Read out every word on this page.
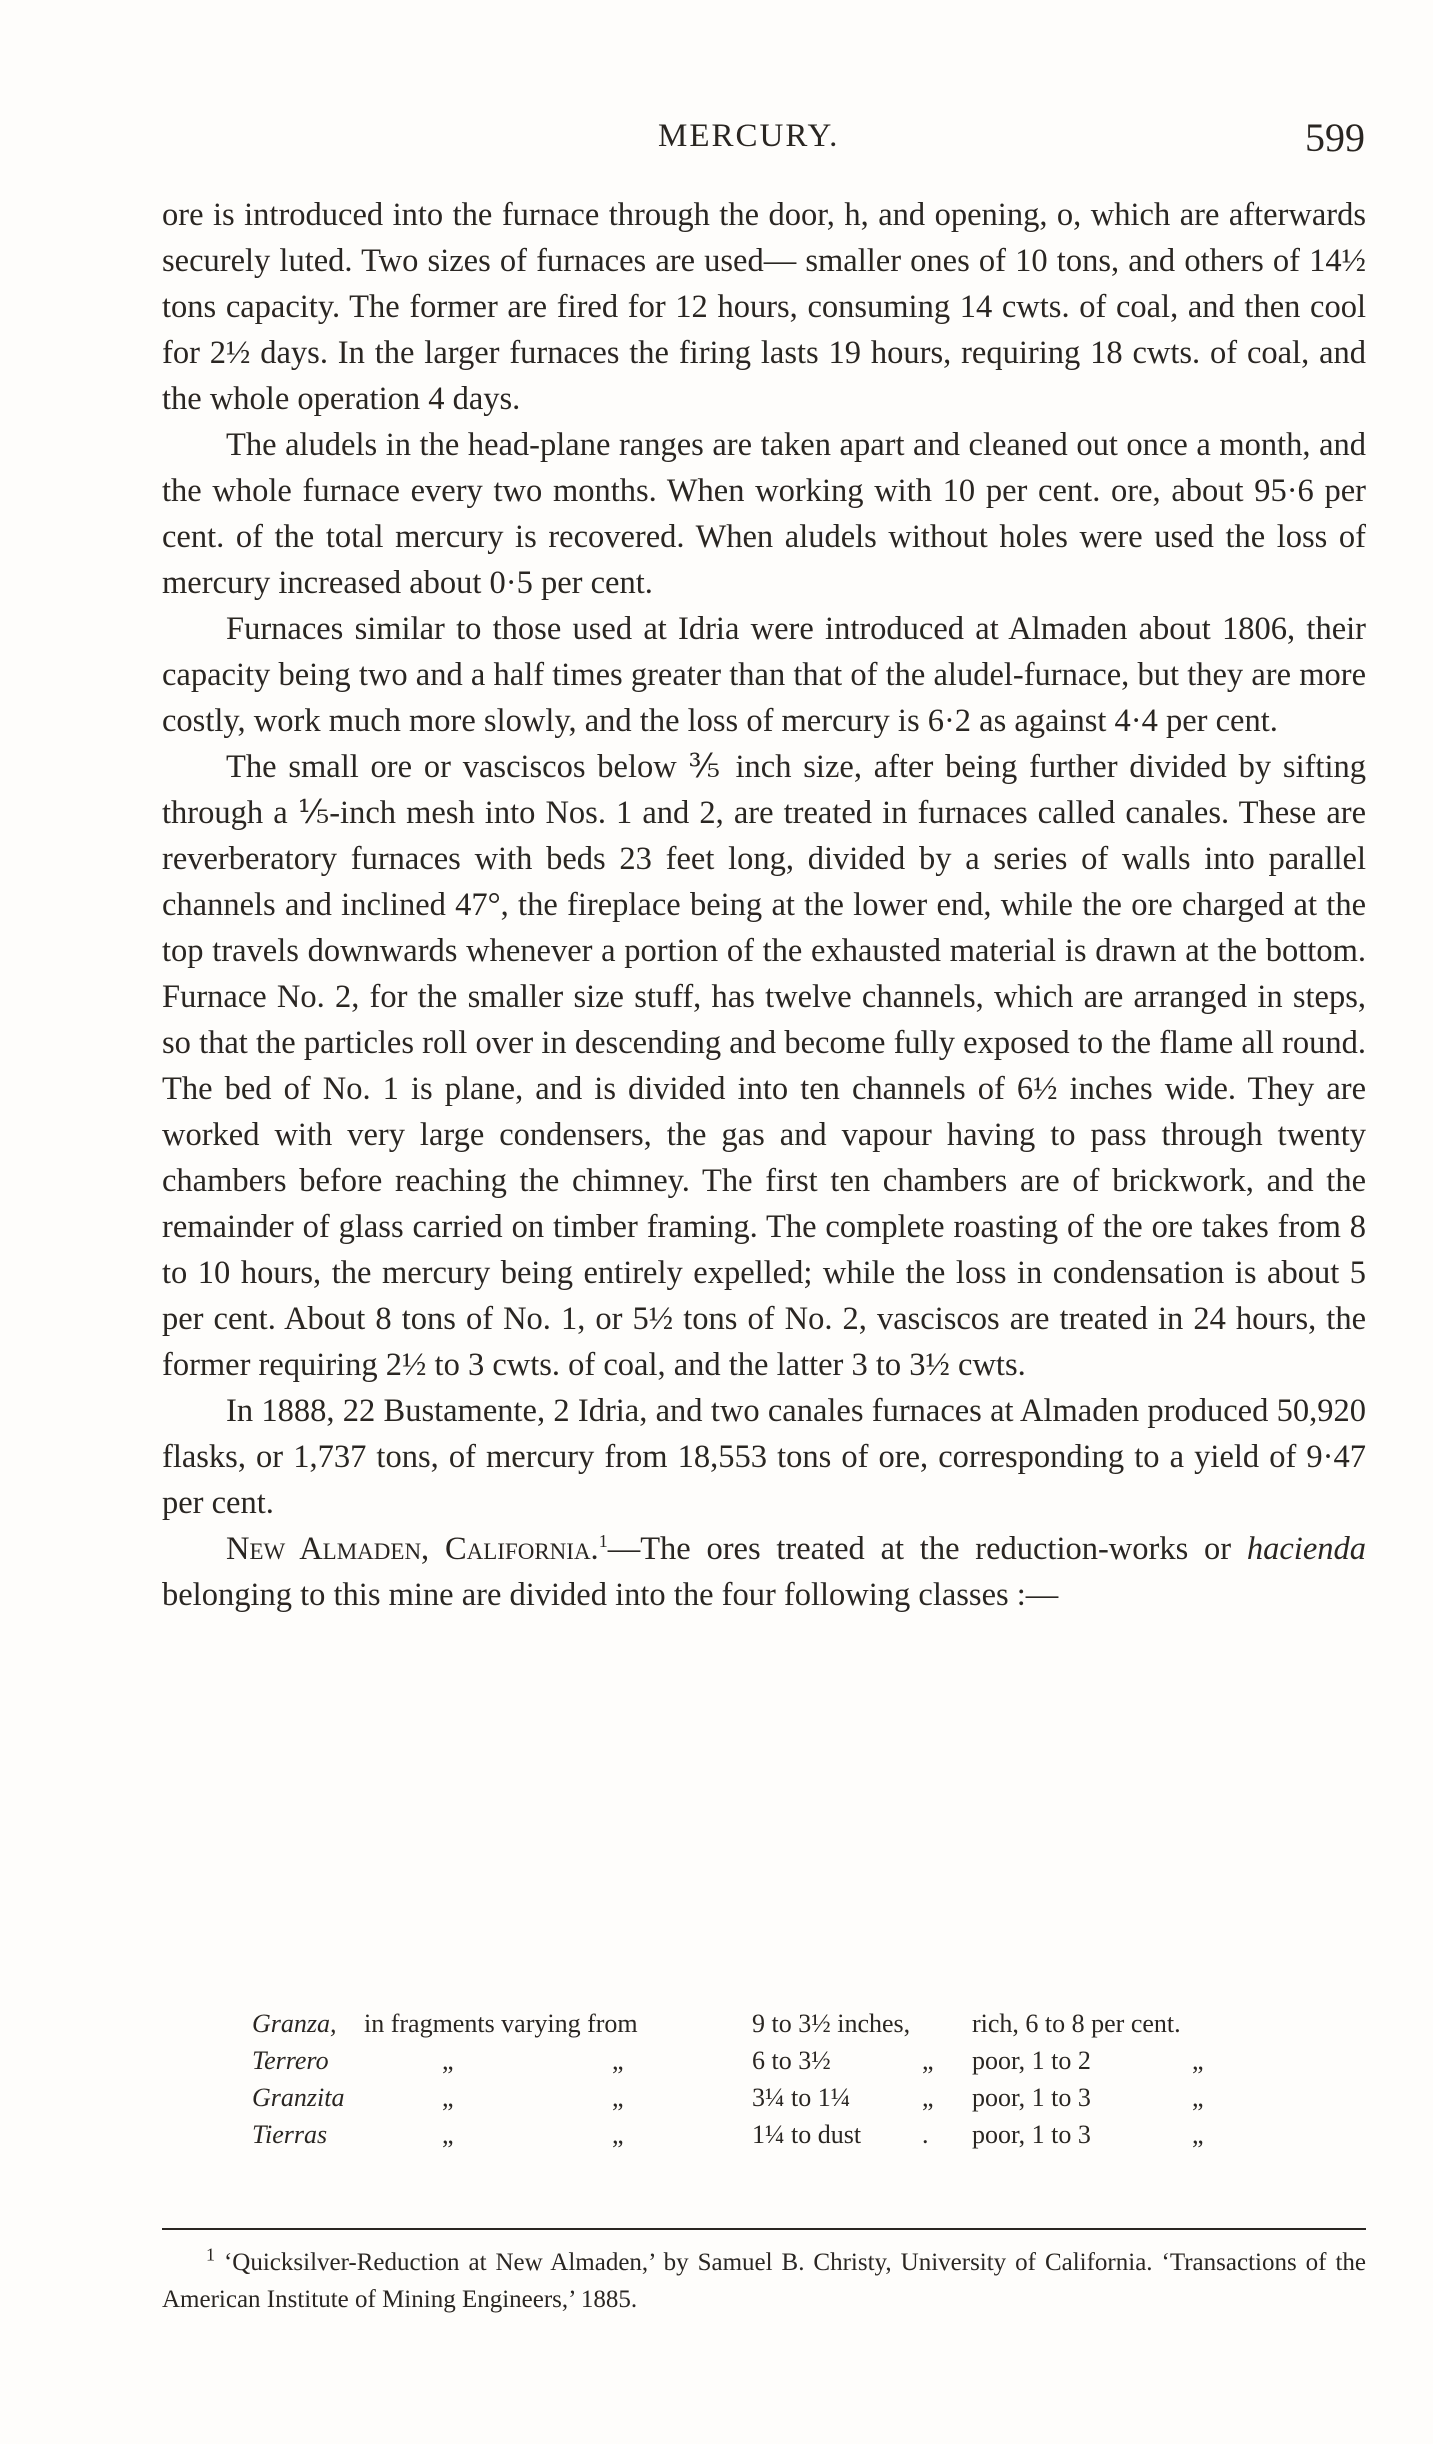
MERCURY.	599

ore is introduced into the furnace through the door, h, and opening, o, which are afterwards securely luted. Two sizes of furnaces are used— smaller ones of 10 tons, and others of 14½ tons capacity. The former are fired for 12 hours, consuming 14 cwts. of coal, and then cool for 2½ days. In the larger furnaces the firing lasts 19 hours, requiring 18 cwts. of coal, and the whole operation 4 days.

The aludels in the head-plane ranges are taken apart and cleaned out once a month, and the whole furnace every two months. When working with 10 per cent. ore, about 95·6 per cent. of the total mercury is recovered. When aludels without holes were used the loss of mercury increased about 0·5 per cent.

Furnaces similar to those used at Idria were introduced at Almaden about 1806, their capacity being two and a half times greater than that of the aludel-furnace, but they are more costly, work much more slowly, and the loss of mercury is 6·2 as against 4·4 per cent.

The small ore or vasciscos below ⅗ inch size, after being further divided by sifting through a ⅕-inch mesh into Nos. 1 and 2, are treated in furnaces called canales. These are reverberatory furnaces with beds 23 feet long, divided by a series of walls into parallel channels and inclined 47°, the fireplace being at the lower end, while the ore charged at the top travels downwards whenever a portion of the exhausted material is drawn at the bottom. Furnace No. 2, for the smaller size stuff, has twelve channels, which are arranged in steps, so that the particles roll over in descending and become fully exposed to the flame all round. The bed of No. 1 is plane, and is divided into ten channels of 6½ inches wide. They are worked with very large condensers, the gas and vapour having to pass through twenty chambers before reaching the chimney. The first ten chambers are of brickwork, and the remainder of glass carried on timber framing. The complete roasting of the ore takes from 8 to 10 hours, the mercury being entirely expelled; while the loss in condensation is about 5 per cent. About 8 tons of No. 1, or 5½ tons of No. 2, vasciscos are treated in 24 hours, the former requiring 2½ to 3 cwts. of coal, and the latter 3 to 3½ cwts.

In 1888, 22 Bustamente, 2 Idria, and two canales furnaces at Almaden produced 50,920 flasks, or 1,737 tons, of mercury from 18,553 tons of ore, corresponding to a yield of 9·47 per cent.

New Almaden, California.$^1$—The ores treated at the reduction-works or hacienda belonging to this mine are divided into the four following classes :—

Granza, in fragments varying from	9 to 3½ inches, rich, 6 to 8 per cent.
Terrero	„	„	6 to 3½	„ poor, 1 to 2	„
Granzita	„	„	3¼ to 1¼	„ poor, 1 to 3	„
Tierras	„	„	1¼ to dust . poor, 1 to 3	„
$^1$ ‘Quicksilver-Reduction at New Almaden,’ by Samuel B. Christy, University of California. ‘Transactions of the American Institute of Mining Engineers,’ 1885.
